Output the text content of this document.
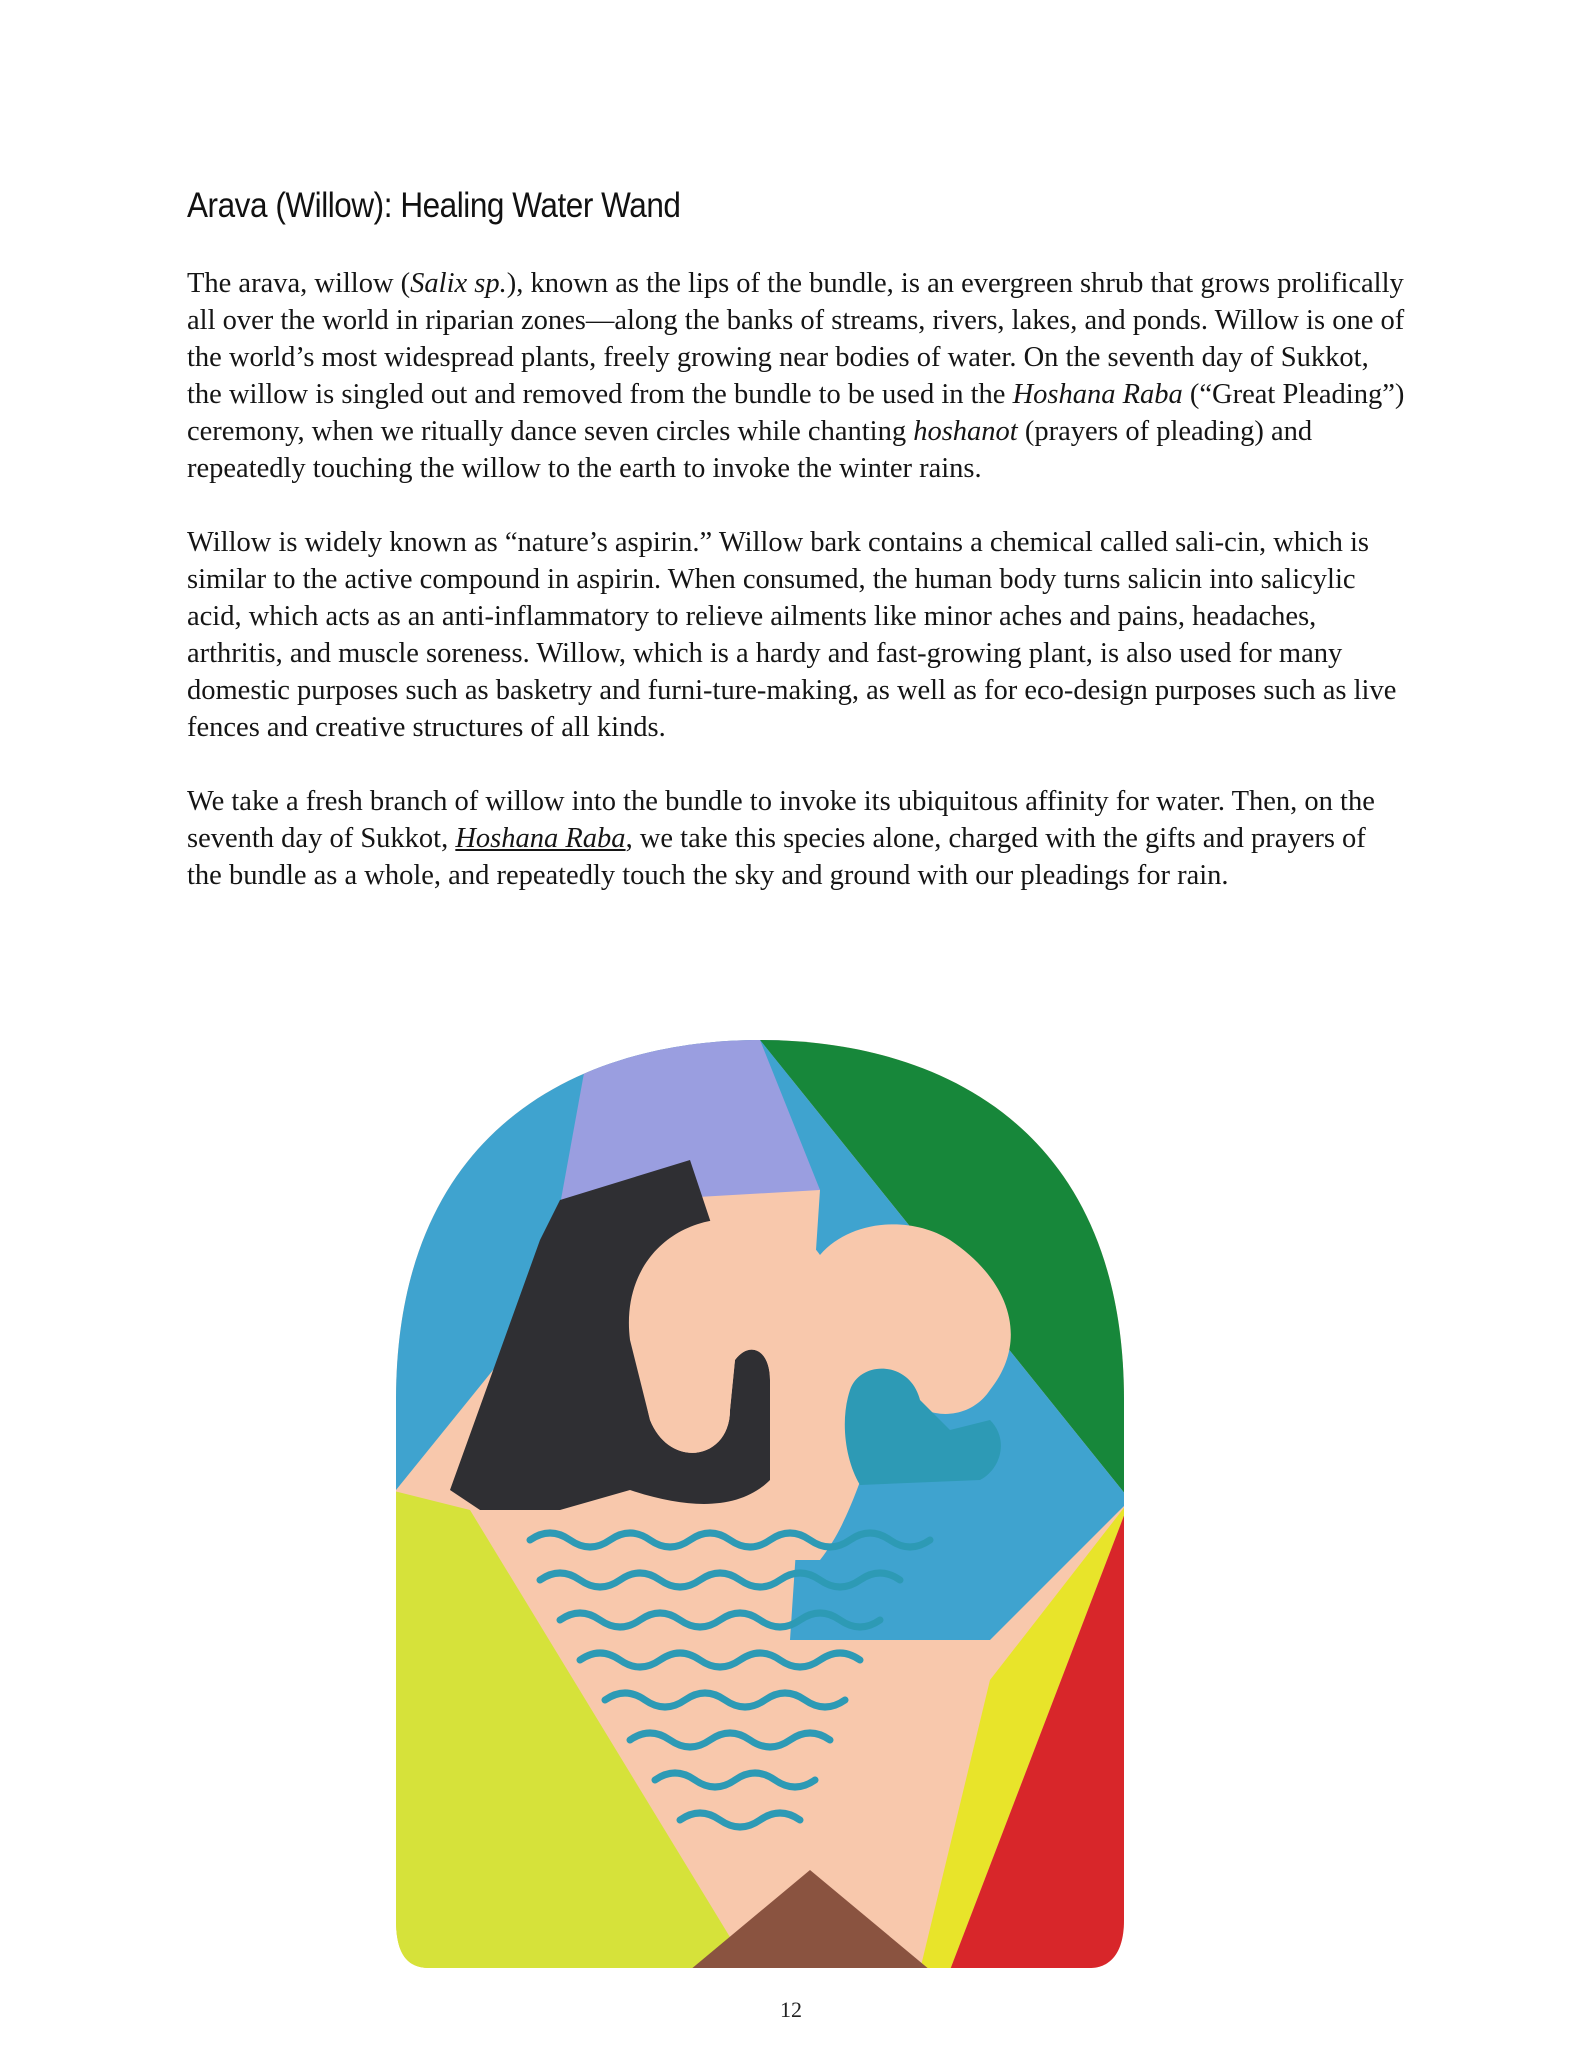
Arava (Willow): Healing Water Wand

The arava, willow (Salix sp.), known as the lips of the bundle, is an evergreen shrub that grows prolifically all over the world in riparian zones—along the banks of streams, rivers, lakes, and ponds. Willow is one of the world’s most widespread plants, freely growing near bodies of water. On the seventh day of Sukkot, the willow is singled out and removed from the bundle to be used in the Hoshana Raba (“Great Pleading”) ceremony, when we ritually dance seven circles while chanting hoshanot (prayers of pleading) and repeatedly touching the willow to the earth to invoke the winter rains.

Willow is widely known as “nature’s aspirin.” Willow bark contains a chemical called sali-cin, which is similar to the active compound in aspirin. When consumed, the human body turns salicin into salicylic acid, which acts as an anti-inflammatory to relieve ailments like minor aches and pains, headaches, arthritis, and muscle soreness. Willow, which is a hardy and fast-growing plant, is also used for many domestic purposes such as basketry and furni-ture-making, as well as for eco-design purposes such as live fences and creative structures of all kinds.

We take a fresh branch of willow into the bundle to invoke its ubiquitous affinity for water. Then, on the seventh day of Sukkot, Hoshana Raba, we take this species alone, charged with the gifts and prayers of the bundle as a whole, and repeatedly touch the sky and ground with our pleadings for rain.

12
